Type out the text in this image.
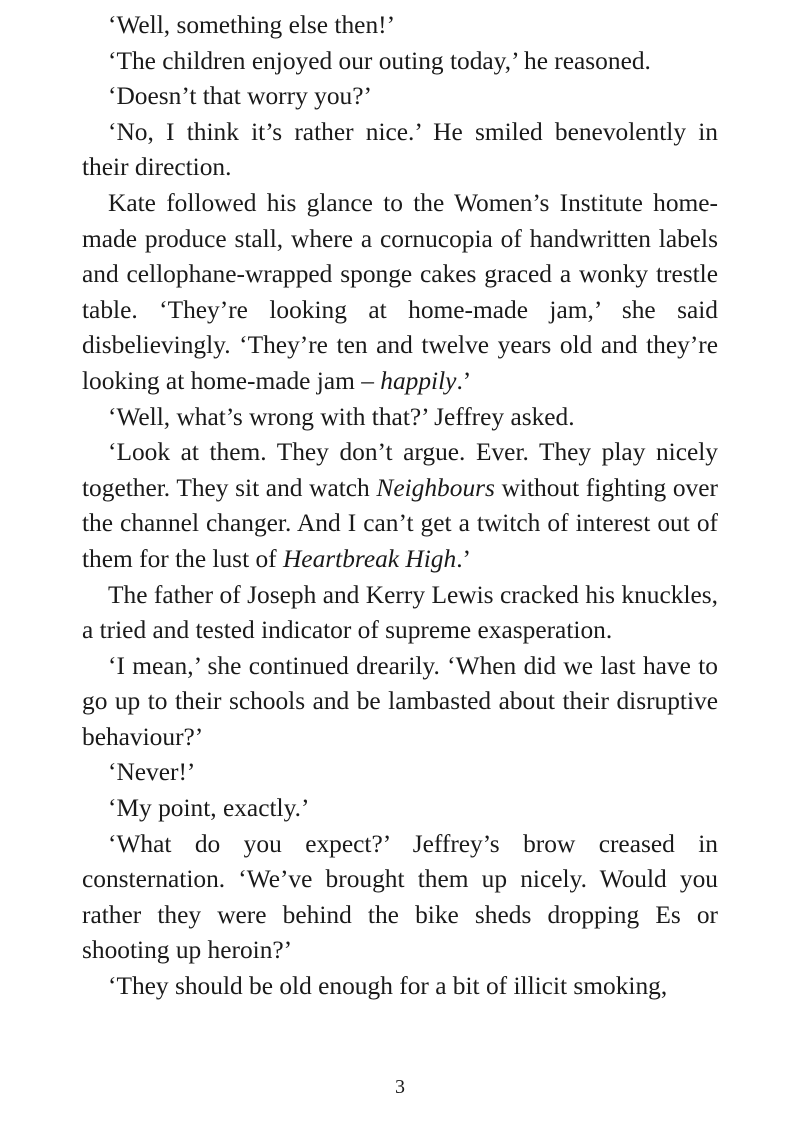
‘Well, something else then!’

‘The children enjoyed our outing today,’ he reasoned.

‘Doesn’t that worry you?’

‘No, I think it’s rather nice.’ He smiled benevolently in their direction.

Kate followed his glance to the Women’s Institute home-made produce stall, where a cornucopia of handwritten labels and cellophane-wrapped sponge cakes graced a wonky trestle table. ‘They’re looking at home-made jam,’ she said disbelievingly. ‘They’re ten and twelve years old and they’re looking at home-made jam – happily.’

‘Well, what’s wrong with that?’ Jeffrey asked.

‘Look at them. They don’t argue. Ever. They play nicely together. They sit and watch Neighbours without fighting over the channel changer. And I can’t get a twitch of interest out of them for the lust of Heartbreak High.’

The father of Joseph and Kerry Lewis cracked his knuckles, a tried and tested indicator of supreme exasperation.

‘I mean,’ she continued drearily. ‘When did we last have to go up to their schools and be lambasted about their disruptive behaviour?’

‘Never!’

‘My point, exactly.’

‘What do you expect?’ Jeffrey’s brow creased in consternation. ‘We’ve brought them up nicely. Would you rather they were behind the bike sheds dropping Es or shooting up heroin?’

‘They should be old enough for a bit of illicit smoking,

3
